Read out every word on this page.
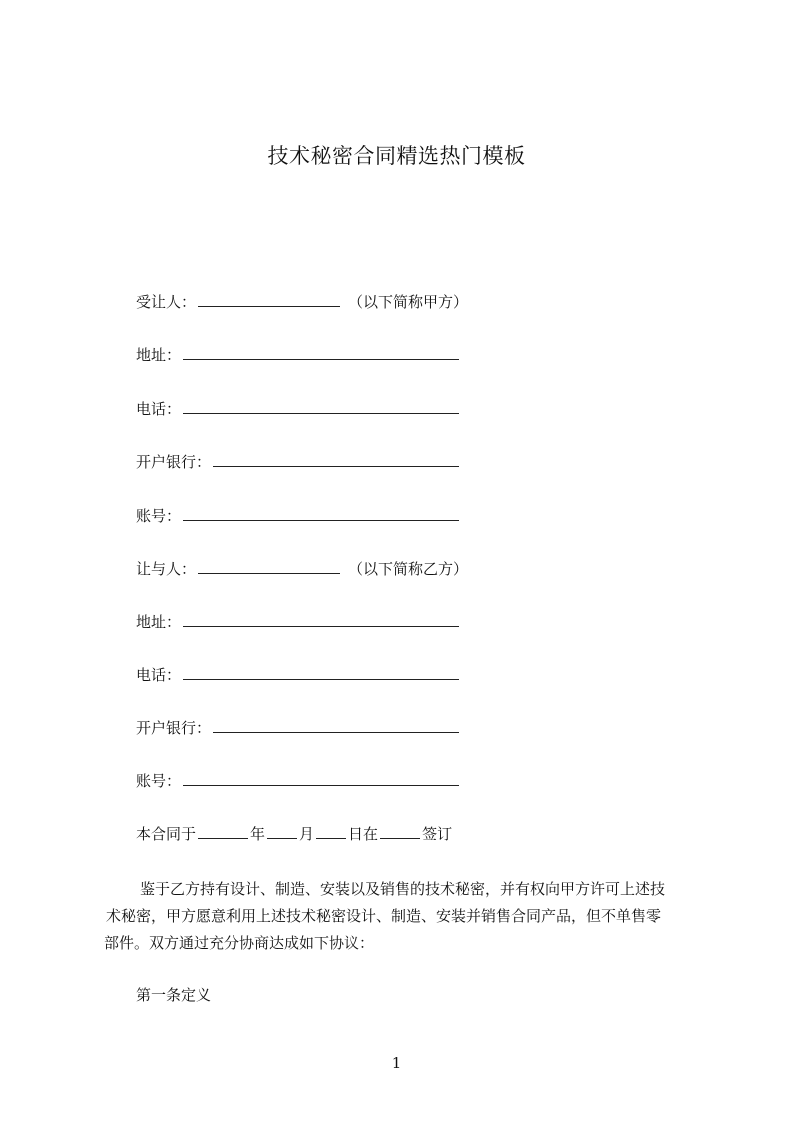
技术秘密合同精选热门模板
受让人：	（以下简称甲方）
地址：
电话：
开户银行：
账号：
让与人：	（以下简称乙方）
地址：
电话：
开户银行：
账号：
本合同于	年 月 日在	签订

鉴于乙方持有设计、制造、安装以及销售的技术秘密，并有权向甲方许可上述技

术秘密，甲方愿意利用上述技术秘密设计、制造、安装并销售合同产品，但不单售零

部件。双方通过充分协商达成如下协议：

第一条定义
1
